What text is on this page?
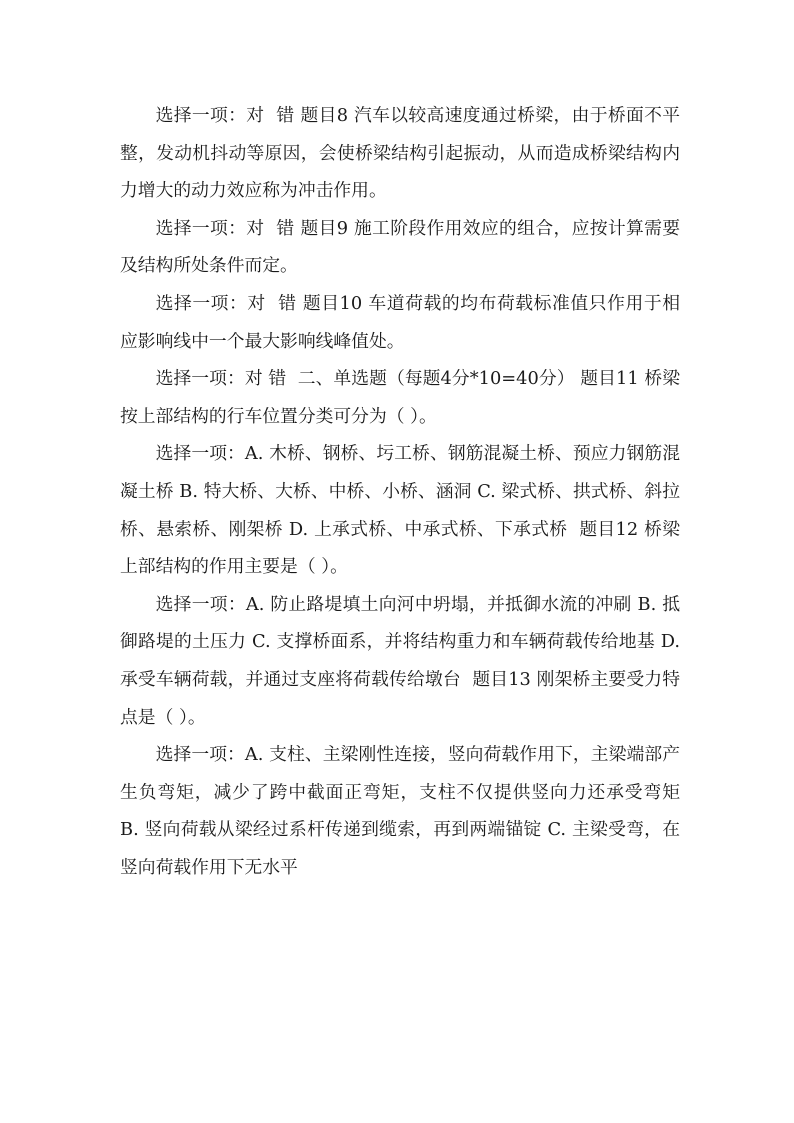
选择一项：对  错 题目8 汽车以较高速度通过桥梁，由于桥面不平整，发动机抖动等原因，会使桥梁结构引起振动，从而造成桥梁结构内力增大的动力效应称为冲击作用。

选择一项：对  错 题目9 施工阶段作用效应的组合，应按计算需要及结构所处条件而定。

选择一项：对  错 题目10 车道荷载的均布荷载标准值只作用于相应影响线中一个最大影响线峰值处。

选择一项：对 错  二、单选题（每题4分*10=40分） 题目11 桥梁按上部结构的行车位置分类可分为（ ）。

选择一项：A. 木桥、钢桥、圬工桥、钢筋混凝土桥、预应力钢筋混凝土桥 B. 特大桥、大桥、中桥、小桥、涵洞 C. 梁式桥、拱式桥、斜拉桥、悬索桥、刚架桥 D. 上承式桥、中承式桥、下承式桥  题目12 桥梁上部结构的作用主要是（ ）。

选择一项：A. 防止路堤填土向河中坍塌，并抵御水流的冲刷 B. 抵御路堤的土压力 C. 支撑桥面系，并将结构重力和车辆荷载传给地基 D. 承受车辆荷载，并通过支座将荷载传给墩台  题目13 刚架桥主要受力特点是（ ）。

选择一项：A. 支柱、主梁刚性连接，竖向荷载作用下，主梁端部产生负弯矩，减少了跨中截面正弯矩，支柱不仅提供竖向力还承受弯矩  B. 竖向荷载从梁经过系杆传递到缆索，再到两端锚锭 C. 主梁受弯，在竖向荷载作用下无水平
